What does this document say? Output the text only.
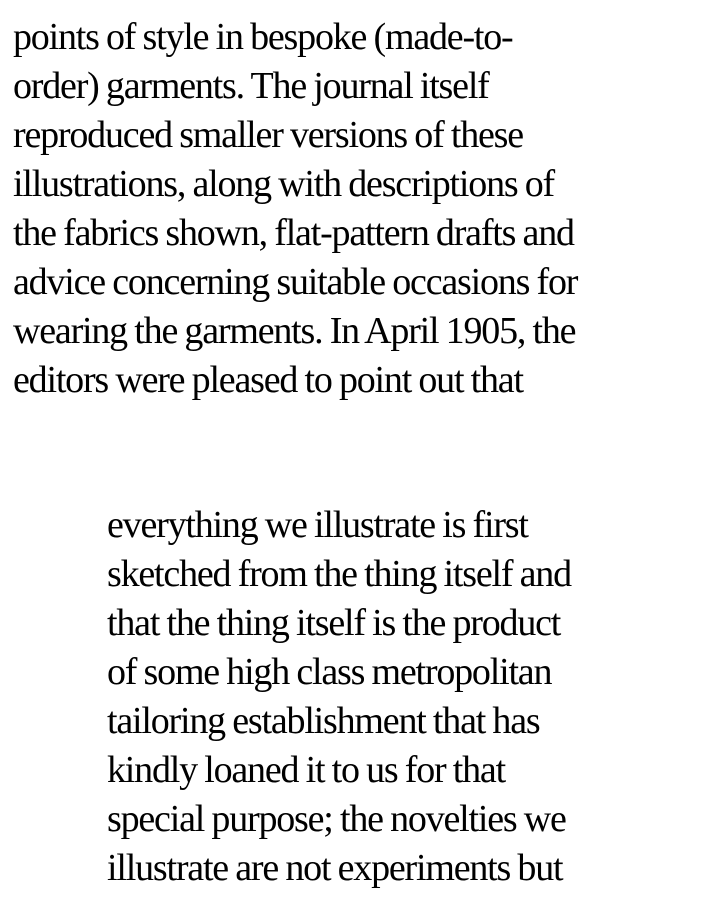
points of style in bespoke (made-to-
order) garments. The journal itself
reproduced smaller versions of these
illustrations, along with descriptions of
the fabrics shown, flat-pattern drafts and
advice concerning suitable occasions for
wearing the garments. In April 1905, the
editors were pleased to point out that

everything we illustrate is first
sketched from the thing itself and
that the thing itself is the product
of some high class metropolitan
tailoring establishment that has
kindly loaned it to us for that
special purpose; the novelties we
illustrate are not experiments but
